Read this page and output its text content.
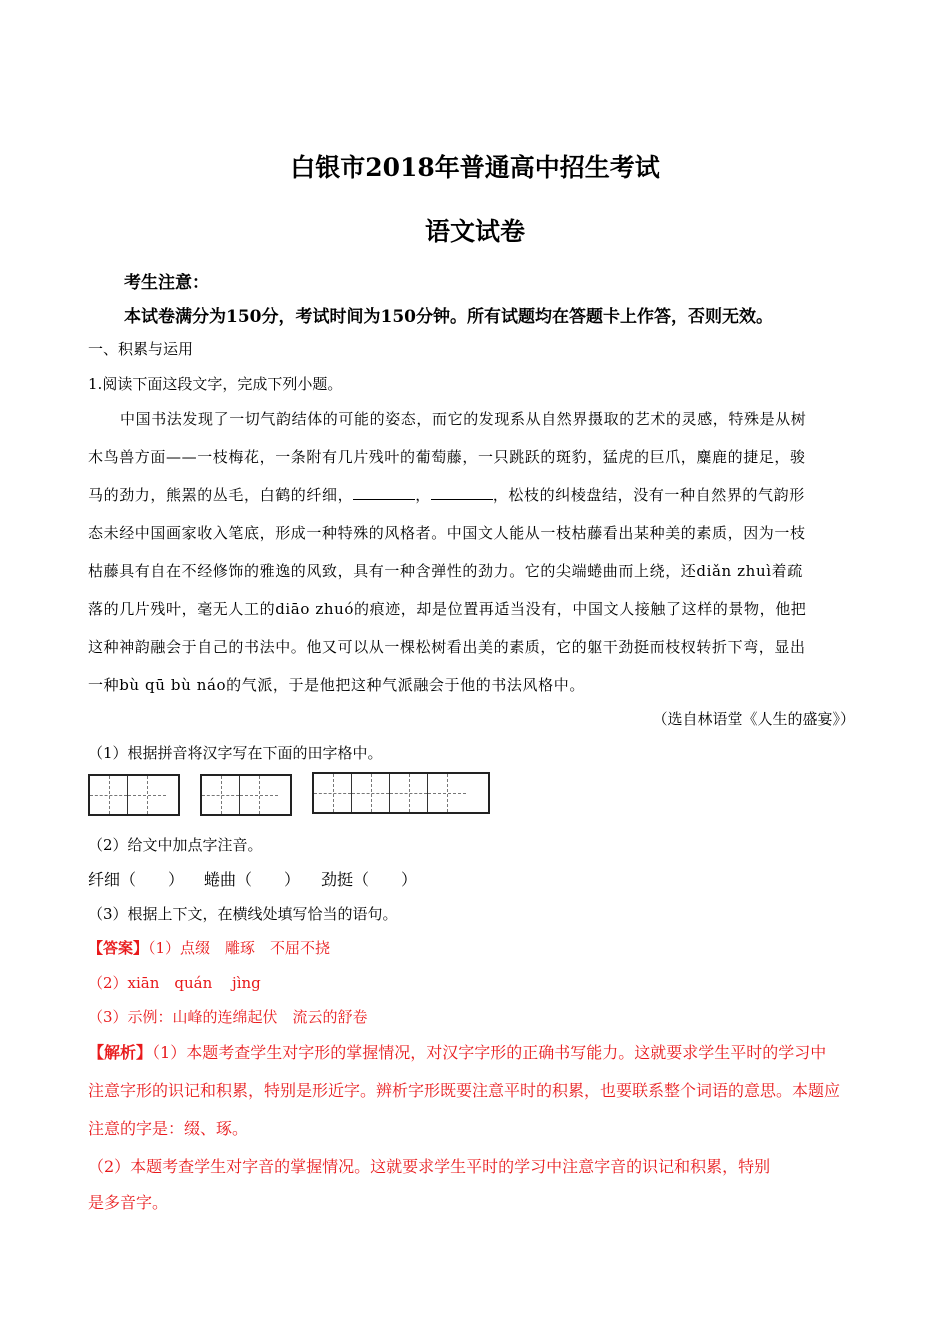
白银市2018年普通高中招生考试
语文试卷
考生注意：
本试卷满分为150分，考试时间为150分钟。所有试题均在答题卡上作答，否则无效。
一、积累与运用
1.阅读下面这段文字，完成下列小题。
中国书法发现了一切气韵结体的可能的姿态，而它的发现系从自然界摄取的艺术的灵感，特殊是从树
木鸟兽方面——一枝梅花，一条附有几片残叶的葡萄藤，一只跳跃的斑豹，猛虎的巨爪，麋鹿的捷足，骏
马的劲力，熊罴的丛毛，白鹤的纤细，	，	，松枝的纠棱盘结，没有一种自然界的气韵形
态未经中国画家收入笔底，形成一种特殊的风格者。中国文人能从一枝枯藤看出某种美的素质，因为一枝
枯藤具有自在不经修饰的雅逸的风致，具有一种含弹性的劲力。它的尖端蜷曲而上绕，还diǎn zhuì着疏
落的几片残叶，毫无人工的diāo zhuó的痕迹，却是位置再适当没有，中国文人接触了这样的景物，他把
这种神韵融会于自己的书法中。他又可以从一棵松树看出美的素质，它的躯干劲挺而枝杈转折下弯，显出
一种bù qū bù náo的气派，于是他把这种气派融会于他的书法风格中。
（选自林语堂《人生的盛宴》）
（1）根据拼音将汉字写在下面的田字格中。
（2）给文中加点字注音。
纤细（　　） 蜷曲（　　） 劲挺（　　）
（3）根据上下文，在横线处填写恰当的语句。
【答案】（1）点缀　雕琢　不屈不挠
（2）xiān　quán　 jìng
（3）示例：山峰的连绵起伏　流云的舒卷
【解析】（1）本题考查学生对字形的掌握情况，对汉字字形的正确书写能力。这就要求学生平时的学习中
注意字形的识记和积累，特别是形近字。辨析字形既要注意平时的积累，也要联系整个词语的意思。本题应
注意的字是：缀、琢。
（2）本题考查学生对字音的掌握情况。这就要求学生平时的学习中注意字音的识记和积累，特别
是多音字。
